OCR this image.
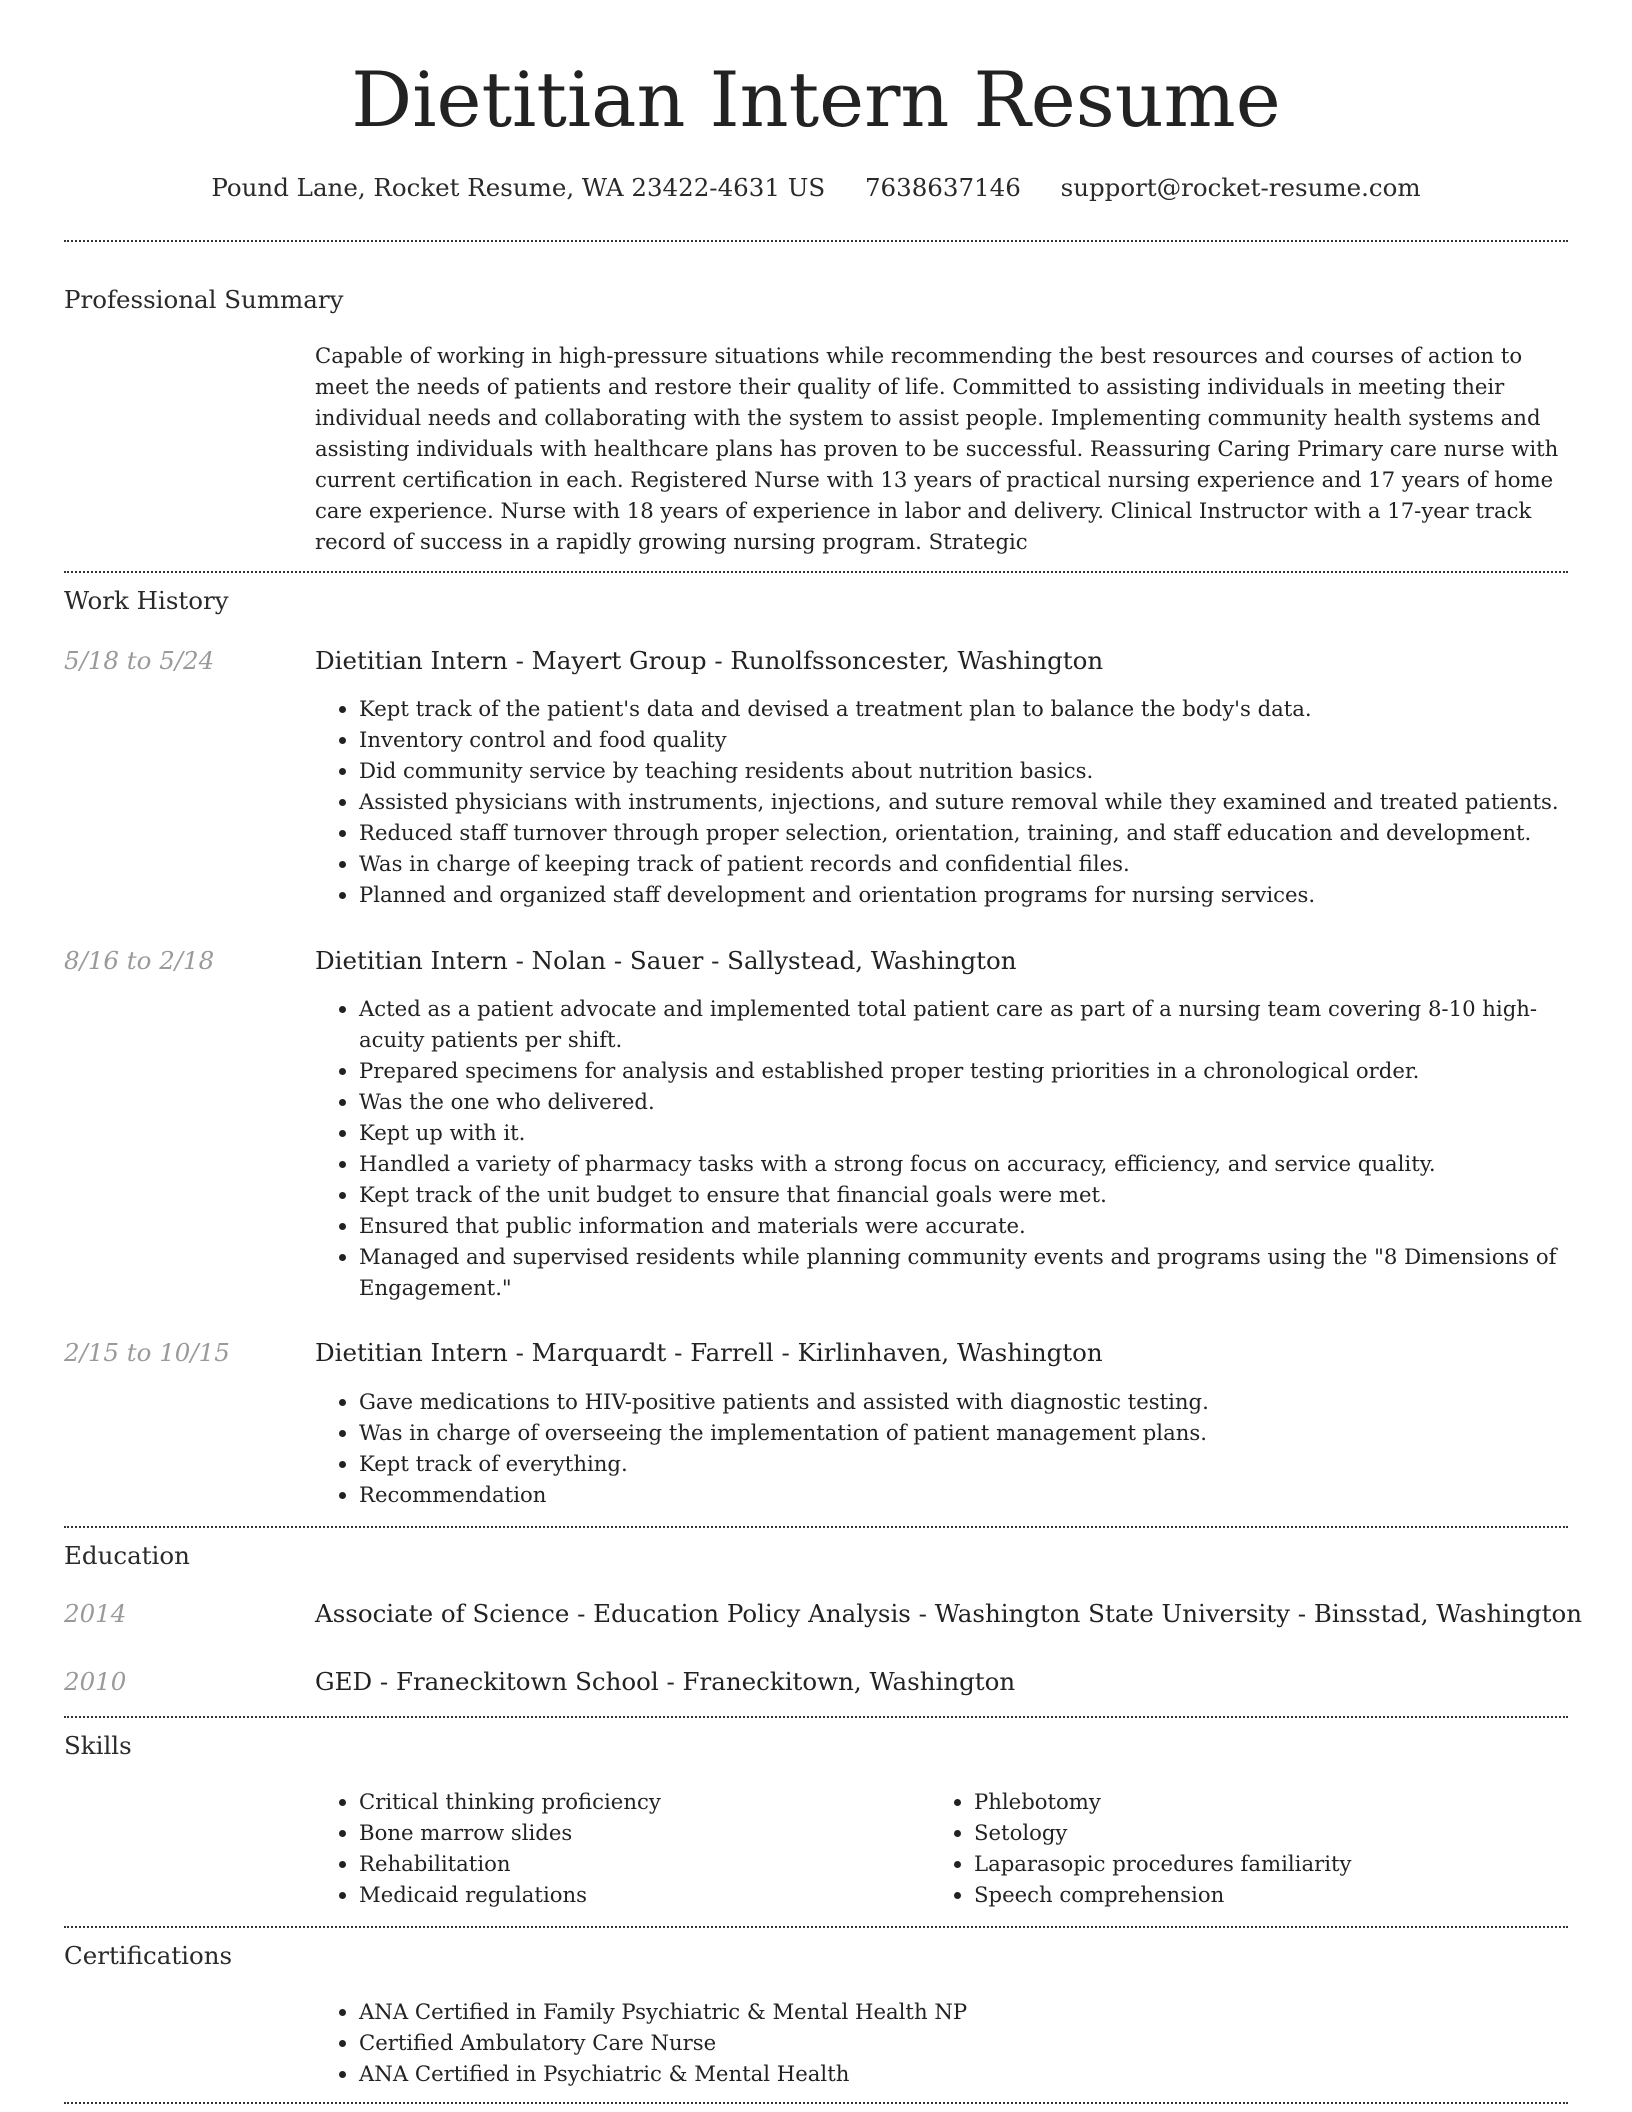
Dietitian Intern Resume
Pound Lane, Rocket Resume, WA 23422-4631 US 7638637146 support@rocket-resume.com
Professional Summary
Capable of working in high-pressure situations while recommending the best resources and courses of action to meet the needs of patients and restore their quality of life. Committed to assisting individuals in meeting their individual needs and collaborating with the system to assist people. Implementing community health systems and assisting individuals with healthcare plans has proven to be successful. Reassuring Caring Primary care nurse with current certification in each. Registered Nurse with 13 years of practical nursing experience and 17 years of home care experience. Nurse with 18 years of experience in labor and delivery. Clinical Instructor with a 17-year track record of success in a rapidly growing nursing program. Strategic
Work History
5/18 to 5/24	Dietitian Intern - Mayert Group - Runolfssoncester, Washington
• Kept track of the patient's data and devised a treatment plan to balance the body's data.
• Inventory control and food quality
• Did community service by teaching residents about nutrition basics.
• Assisted physicians with instruments, injections, and suture removal while they examined and treated patients.
• Reduced staff turnover through proper selection, orientation, training, and staff education and development.
• Was in charge of keeping track of patient records and confidential files.
• Planned and organized staff development and orientation programs for nursing services.
8/16 to 2/18	Dietitian Intern - Nolan - Sauer - Sallystead, Washington
• Acted as a patient advocate and implemented total patient care as part of a nursing team covering 8-10 high-acuity patients per shift.
• Prepared specimens for analysis and established proper testing priorities in a chronological order.
• Was the one who delivered.
• Kept up with it.
• Handled a variety of pharmacy tasks with a strong focus on accuracy, efficiency, and service quality.
• Kept track of the unit budget to ensure that financial goals were met.
• Ensured that public information and materials were accurate.
• Managed and supervised residents while planning community events and programs using the "8 Dimensions of Engagement."
2/15 to 10/15	Dietitian Intern - Marquardt - Farrell - Kirlinhaven, Washington
• Gave medications to HIV-positive patients and assisted with diagnostic testing.
• Was in charge of overseeing the implementation of patient management plans.
• Kept track of everything.
• Recommendation
Education
2014	Associate of Science - Education Policy Analysis - Washington State University - Binsstad, Washington
2010	GED - Franeckitown School - Franeckitown, Washington
Skills
• Critical thinking proficiency
• Bone marrow slides
• Rehabilitation
• Medicaid regulations
• Phlebotomy
• Setology
• Laparasopic procedures familiarity
• Speech comprehension
Certifications
• ANA Certified in Family Psychiatric & Mental Health NP
• Certified Ambulatory Care Nurse
• ANA Certified in Psychiatric & Mental Health
